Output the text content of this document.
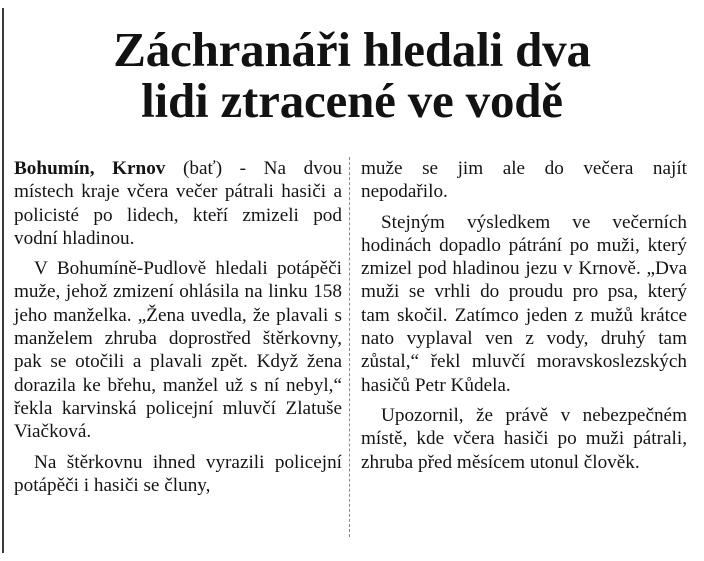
Záchranáři hledali dva
lidi ztracené ve vodě

Bohumín, Krnov (bať) - Na dvou místech kraje včera večer pátrali hasiči a policisté po lidech, kteří zmizeli pod vodní hladinou.

V Bohumíně-Pudlově hledali potápěči muže, jehož zmizení ohlásila na linku 158 jeho manželka. „Žena uvedla, že plavali s manželem zhruba doprostřed štěrkovny, pak se otočili a plavali zpět. Když žena dorazila ke břehu, manžel už s ní nebyl,“ řekla karvinská policejní mluvčí Zlatuše Viačková.

Na štěrkovnu ihned vyrazili policejní potápěči i hasiči se čluny,

muže se jim ale do večera najít nepodařilo.

Stejným výsledkem ve večerních hodinách dopadlo pátrání po muži, který zmizel pod hladinou jezu v Krnově. „Dva muži se vrhli do proudu pro psa, který tam skočil. Zatímco jeden z mužů krátce nato vyplaval ven z vody, druhý tam zůstal,“ řekl mluvčí moravskoslezských hasičů Petr Kůdela.

Upozornil, že právě v nebezpečném místě, kde včera hasiči po muži pátrali, zhruba před měsícem utonul člověk.
